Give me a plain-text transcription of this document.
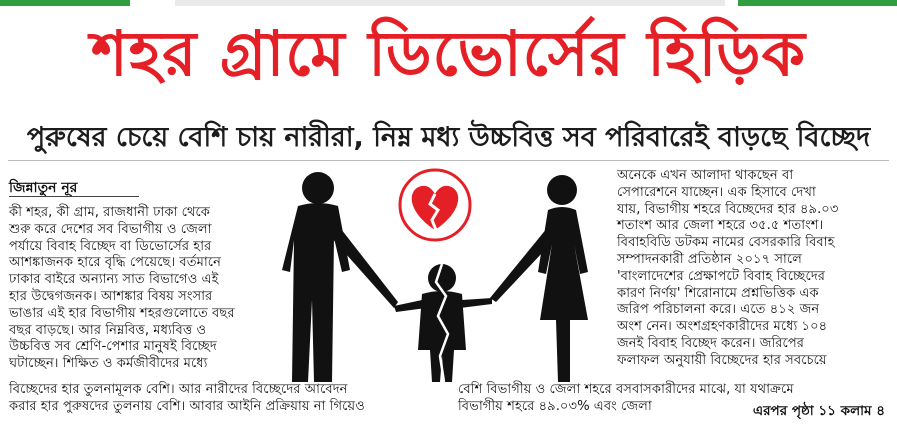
শহর গ্রামে ডিভোর্সের হিড়িক
পুরুষের চেয়ে বেশি চায় নারীরা, নিম্ন মধ্য উচ্চবিত্ত সব পরিবারেই বাড়ছে বিচ্ছেদ
জিন্নাতুন নূর

কী শহর, কী গ্রাম, রাজধানী ঢাকা থেকে

শুরু করে দেশের সব বিভাগীয় ও জেলা

পর্যায়ে বিবাহ বিচ্ছেদ বা ডিভোর্সের হার

আশঙ্কাজনক হারে বৃদ্ধি পেয়েছে। বর্তমানে

ঢাকার বাইরে অন্যান্য সাত বিভাগেও এই

হার উদ্বেগজনক। আশঙ্কার বিষয় সংসার

ভাঙার এই হার বিভাগীয় শহরগুলোতে বছর

বছর বাড়ছে। আর নিম্নবিত্ত, মধ্যবিত্ত ও

উচ্চবিত্ত সব শ্রেণি-পেশার মানুষই বিচ্ছেদ

ঘটাচ্ছেন। শিক্ষিত ও কর্মজীবীদের মধ্যে

বিচ্ছেদের হার তুলনামূলক বেশি। আর নারীদের বিচ্ছেদের আবেদন

করার হার পুরুষদের তুলনায় বেশি। আবার আইনি প্রক্রিয়ায় না গিয়েও

বেশি বিভাগীয় ও জেলা শহরে বসবাসকারীদের মাঝে, যা যথাক্রমে

বিভাগীয় শহরে ৪৯.০৩% এবং জেলা

অনেকে এখন আলাদা থাকছেন বা

সেপারেশনে যাচ্ছেন। এক হিসাবে দেখা

যায়, বিভাগীয় শহরে বিচ্ছেদের হার ৪৯.০৩

শতাংশ আর জেলা শহরে ৩৫.৫ শতাংশ।

বিবাহবিডি ডটকম নামের বেসরকারি বিবাহ

সম্পাদনকারী প্রতিষ্ঠান ২০১৭ সালে

'বাংলাদেশের প্রেক্ষাপটে বিবাহ বিচ্ছেদের

কারণ নির্ণয়' শিরোনামে প্রশ্নভিত্তিক এক

জরিপ পরিচালনা করে। এতে ৪১২ জন

অংশ নেন। অংশগ্রহণকারীদের মধ্যে ১০৪

জনই বিবাহ বিচ্ছেদ করেন। জরিপের

ফলাফল অনুযায়ী বিচ্ছেদের হার সবচেয়ে

এরপর পৃষ্ঠা ১১ কলাম ৪
